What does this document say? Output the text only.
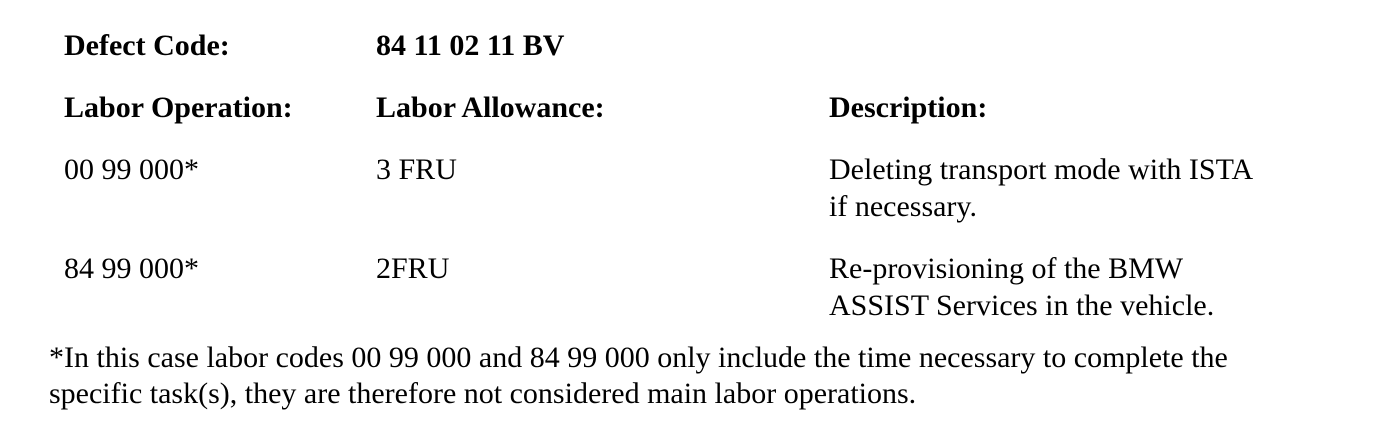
Defect Code:	84 11 02 11 BV
Labor Operation:	Labor Allowance:	Description:
00 99 000*	3 FRU	Deleting transport mode with ISTA
if necessary.
84 99 000*	2FRU	Re-provisioning of the BMW
ASSIST Services in the vehicle.
*In this case labor codes 00 99 000 and 84 99 000 only include the time necessary to complete the
specific task(s), they are therefore not considered main labor operations.
